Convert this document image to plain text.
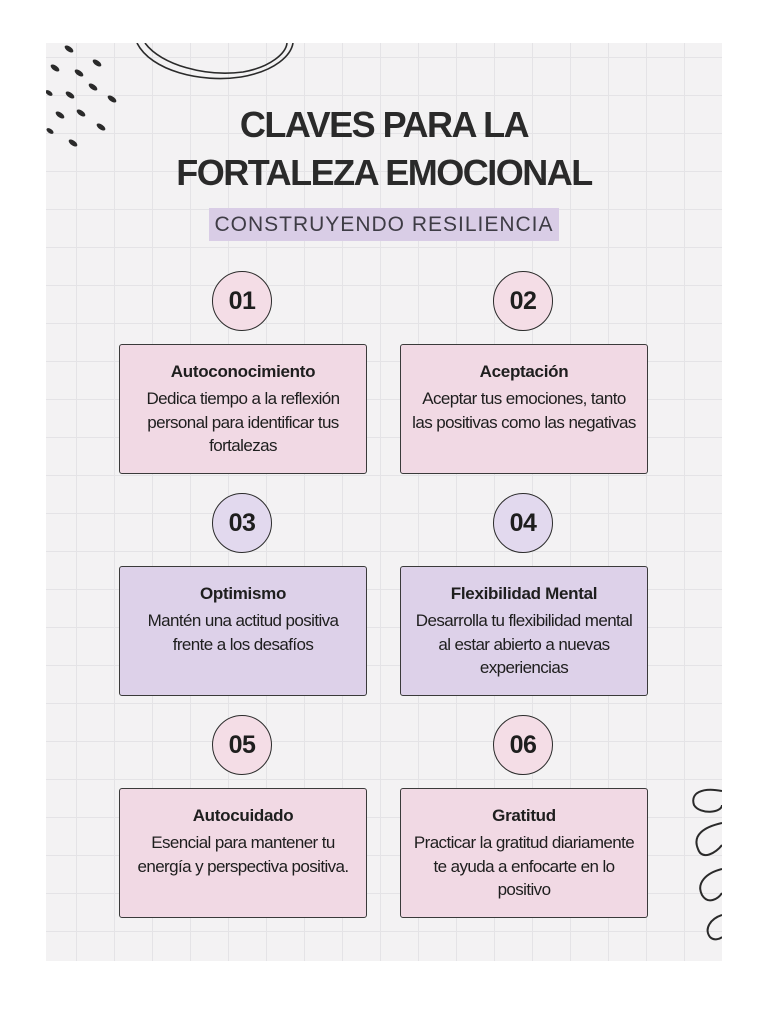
CLAVES PARA LA
FORTALEZA EMOCIONAL
CONSTRUYENDO RESILIENCIA
01	02
Autoconocimiento
Dedica tiempo a la reflexión personal para identificar tus fortalezas
Aceptación
Aceptar tus emociones, tanto las positivas como las negativas
03	04
Optimismo
Mantén una actitud positiva frente a los desafíos
Flexibilidad Mental
Desarrolla tu flexibilidad mental al estar abierto a nuevas experiencias
05	06
Autocuidado
Esencial para mantener tu energía y perspectiva positiva.
Gratitud
Practicar la gratitud diariamente te ayuda a enfocarte en lo positivo
